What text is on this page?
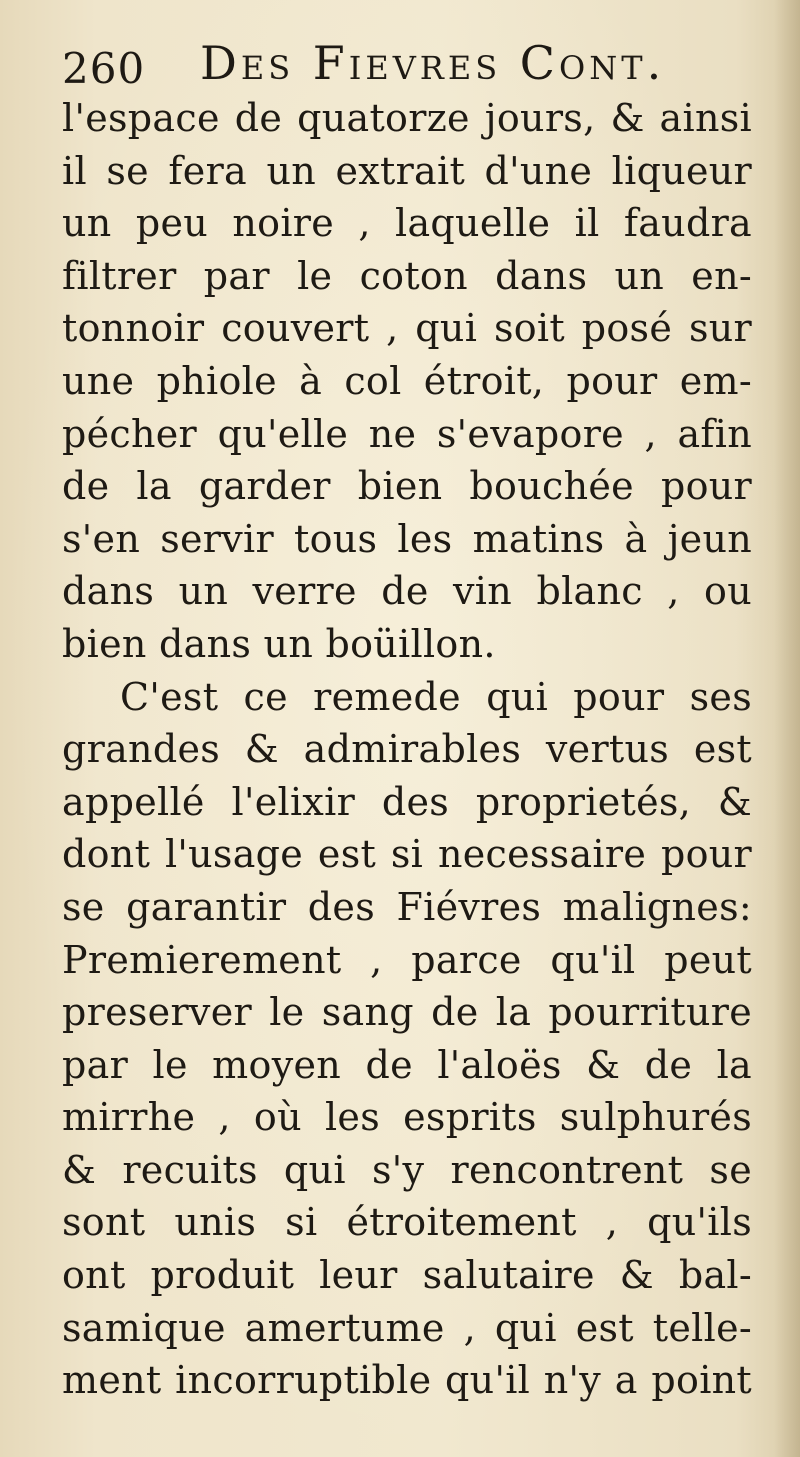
260 Des Fievres Cont.
l'espace de quatorze jours, & ainsi
il se fera un extrait d'une liqueur
un peu noire , laquelle il faudra
filtrer par le coton dans un en-
tonnoir couvert , qui soit posé sur
une phiole à col étroit, pour em-
pécher qu'elle ne s'evapore , afin
de la garder bien bouchée pour
s'en servir tous les matins à jeun
dans un verre de vin blanc , ou
bien dans un boüillon.
C'est ce remede qui pour ses
grandes & admirables vertus est
appellé l'elixir des proprietés, &
dont l'usage est si necessaire pour
se garantir des Fiévres malignes:
Premierement , parce qu'il peut
preserver le sang de la pourriture
par le moyen de l'aloës & de la
mirrhe , où les esprits sulphurés
& recuits qui s'y rencontrent se
sont unis si étroitement , qu'ils
ont produit leur salutaire & bal-
samique amertume , qui est telle-
ment incorruptible qu'il n'y a point
